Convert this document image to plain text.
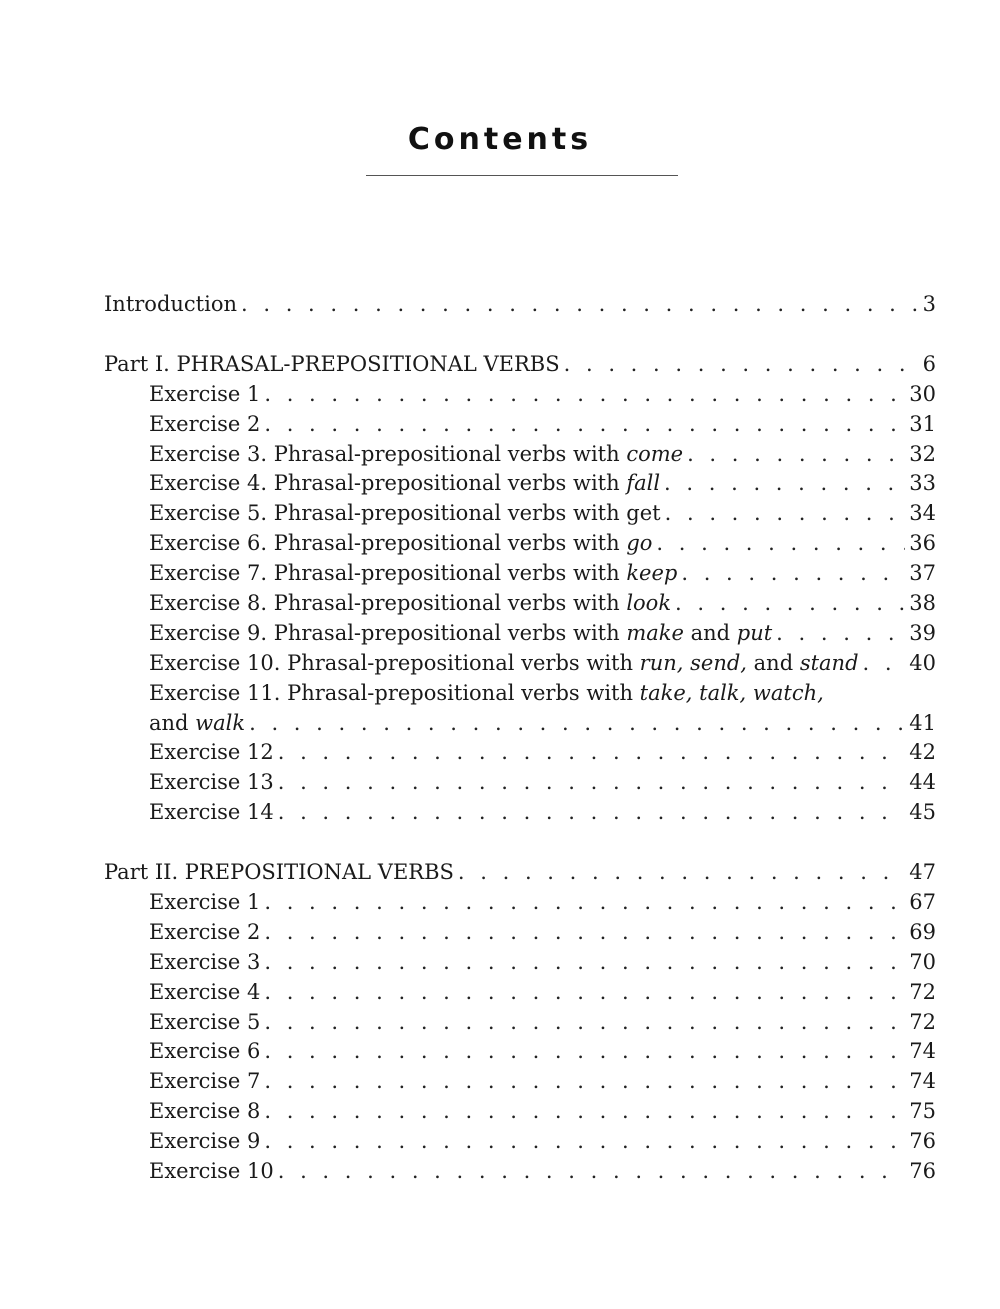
Contents
Introduction . . .	3
Part I. PHRASAL-PREPOSITIONAL VERBS . . .	6
Exercise 1 . . .	30
Exercise 2 . . .	31
Exercise 3. Phrasal-prepositional verbs with come . . .	32
Exercise 4. Phrasal-prepositional verbs with fall . . .	33
Exercise 5. Phrasal-prepositional verbs with get . . .	34
Exercise 6. Phrasal-prepositional verbs with go . . .	36
Exercise 7. Phrasal-prepositional verbs with keep . . .	37
Exercise 8. Phrasal-prepositional verbs with look . . .	38
Exercise 9. Phrasal-prepositional verbs with make and put . . .	39
Exercise 10. Phrasal-prepositional verbs with run, send, and stand . . . 40
Exercise 11. Phrasal-prepositional verbs with take, talk, watch,
and walk . . .	41
Exercise 12 . . .	42
Exercise 13 . . .	44
Exercise 14 . . .	45
Part II. PREPOSITIONAL VERBS . . .	47
Exercise 1 . . .	67
Exercise 2 . . .	69
Exercise 3 . . .	70
Exercise 4 . . .	72
Exercise 5 . . .	72
Exercise 6 . . .	74
Exercise 7 . . .	74
Exercise 8 . . .	75
Exercise 9 . . .	76
Exercise 10 . . .	76
